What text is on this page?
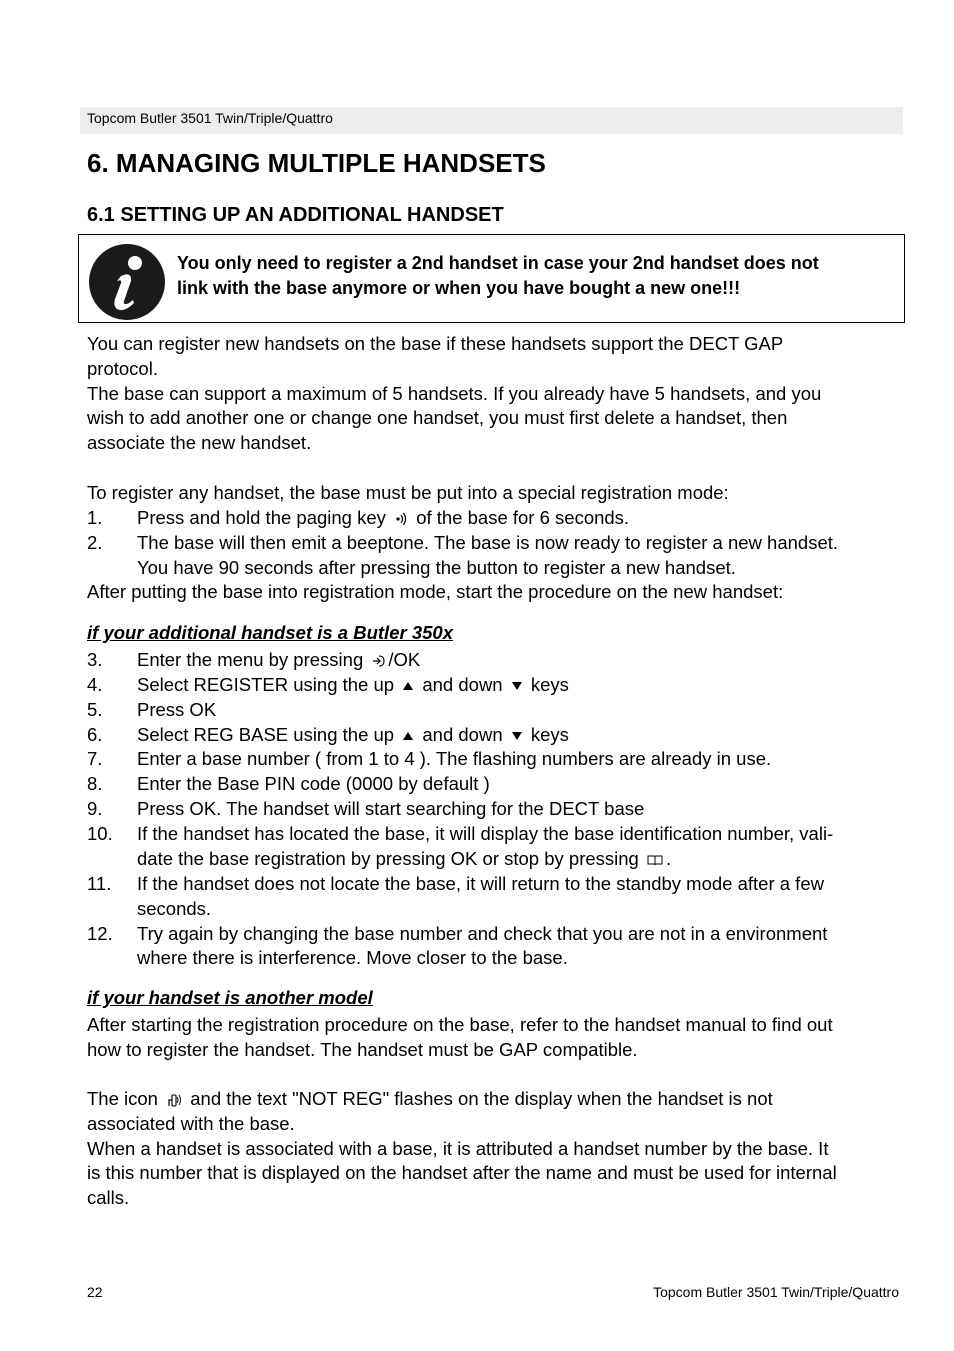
Topcom Butler 3501 Twin/Triple/Quattro
6. MANAGING MULTIPLE HANDSETS
6.1 SETTING UP AN ADDITIONAL HANDSET
You only need to register a 2nd handset in case your 2nd handset does not
link with the base anymore or when you have bought a new one!!!
You can register new handsets on the base if these handsets support the DECT GAP
protocol.
The base can support a maximum of 5 handsets. If you already have 5 handsets, and you
wish to add another one or change one handset, you must first delete a handset, then
associate the new handset.
To register any handset, the base must be put into a special registration mode:
1. Press and hold the paging key of the base for 6 seconds.
2. The base will then emit a beeptone. The base is now ready to register a new handset.
You have 90 seconds after pressing the button to register a new handset.
After putting the base into registration mode, start the procedure on the new handset:
if your additional handset is a Butler 350x
3. Enter the menu by pressing /OK
4. Select REGISTER using the up and down keys
5. Press OK
6. Select REG BASE using the up and down keys
7. Enter a base number ( from 1 to 4 ). The flashing numbers are already in use.
8. Enter the Base PIN code (0000 by default )
9. Press OK. The handset will start searching for the DECT base
10. If the handset has located the base, it will display the base identification number, vali-
date the base registration by pressing OK or stop by pressing .
11. If the handset does not locate the base, it will return to the standby mode after a few
seconds.
12. Try again by changing the base number and check that you are not in a environment
where there is interference. Move closer to the base.
if your handset is another model
After starting the registration procedure on the base, refer to the handset manual to find out
how to register the handset. The handset must be GAP compatible.
The icon and the text "NOT REG" flashes on the display when the handset is not
associated with the base.
When a handset is associated with a base, it is attributed a handset number by the base. It
is this number that is displayed on the handset after the name and must be used for internal
calls.
22	Topcom Butler 3501 Twin/Triple/Quattro
